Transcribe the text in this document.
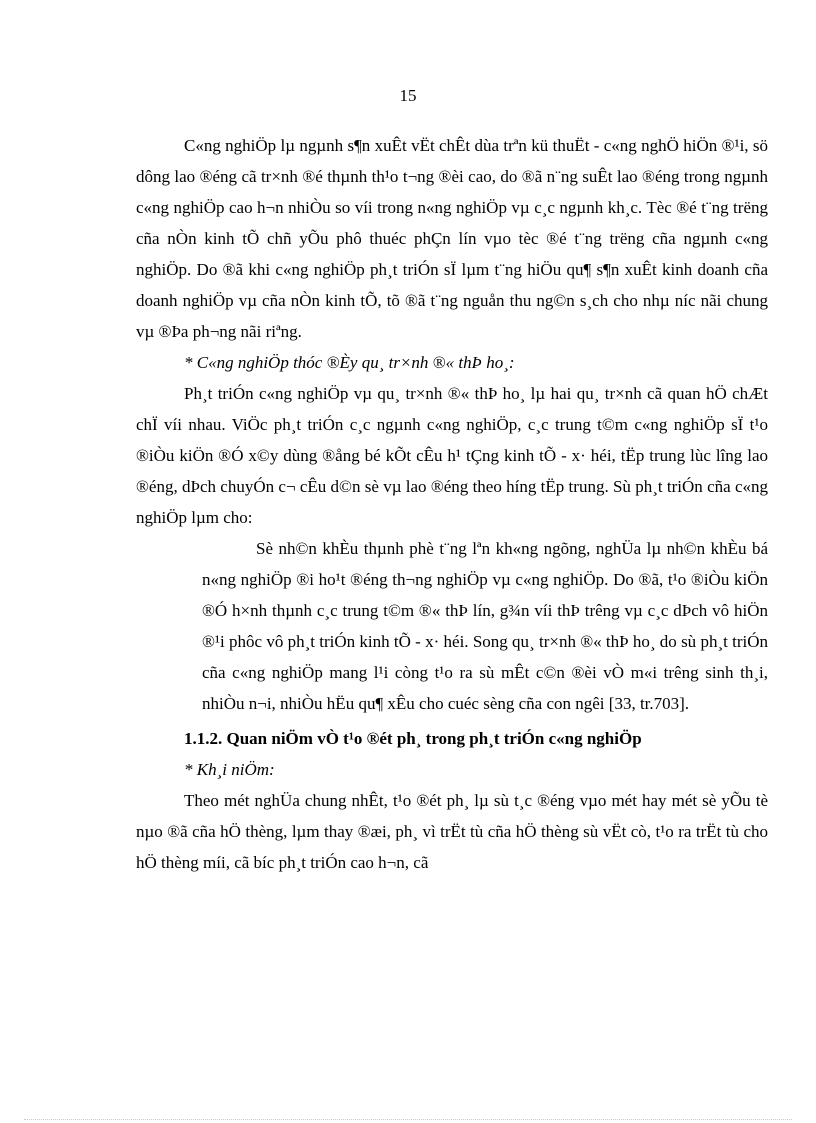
15

C«ng nghiÖp lµ ngµnh s¶n xuÊt vËt chÊt dùa trªn kü thuËt - c«ng nghÖ hiÖn ®¹i, sö dông lao ®éng cã tr×nh ®é thµnh th¹o t¬ng ®èi cao, do ®ã n¨ng suÊt lao ®éng trong ngµnh c«ng nghiÖp cao h¬n nhiÒu so víi trong n«ng nghiÖp vµ c¸c ngµnh kh¸c. Tèc ®é t¨ng trëng cña nÒn kinh tÕ chñ yÕu phô thuéc phÇn lín vµo tèc ®é t¨ng trëng cña ngµnh c«ng nghiÖp. Do ®ã khi c«ng nghiÖp ph¸t triÓn sÏ lµm t¨ng hiÖu qu¶ s¶n xuÊt kinh doanh cña doanh nghiÖp vµ cña nÒn kinh tÕ, tõ ®ã t¨ng nguån thu ng©n s¸ch cho nhµ níc nãi chung vµ ®Þa ph¬ng nãi riªng.

* C«ng nghiÖp thóc ®Èy qu¸ tr×nh ®« thÞ ho¸:

Ph¸t triÓn c«ng nghiÖp vµ qu¸ tr×nh ®« thÞ ho¸ lµ hai qu¸ tr×nh cã quan hÖ chÆt chÏ víi nhau. ViÖc ph¸t triÓn c¸c ngµnh c«ng nghiÖp, c¸c trung t©m c«ng nghiÖp sÏ t¹o ®iÒu kiÖn ®Ó x©y dùng ®ång bé kÕt cÊu h¹ tÇng kinh tÕ - x· héi, tËp trung lùc lîng lao ®éng, dÞch chuyÓn c¬ cÊu d©n sè vµ lao ®éng theo híng tËp trung. Sù ph¸t triÓn cña c«ng nghiÖp lµm cho:

Sè nh©n khÈu thµnh phè t¨ng lªn kh«ng ngõng, nghÜa lµ nh©n khÈu bá n«ng nghiÖp ®i ho¹t ®éng th¬ng nghiÖp vµ c«ng nghiÖp. Do ®ã, t¹o ®iÒu kiÖn ®Ó h×nh thµnh c¸c trung t©m ®« thÞ lín, g¾n víi thÞ trêng vµ c¸c dÞch vô hiÖn ®¹i phôc vô ph¸t triÓn kinh tÕ - x· héi. Song qu¸ tr×nh ®« thÞ ho¸ do sù ph¸t triÓn cña c«ng nghiÖp mang l¹i còng t¹o ra sù mÊt c©n ®èi vÒ m«i trêng sinh th¸i, nhiÒu n¬i, nhiÒu hËu qu¶ xÊu cho cuéc sèng cña con ngêi [33, tr.703].

1.1.2. Quan niÖm vÒ t¹o ®ét ph¸ trong ph¸t triÓn c«ng nghiÖp

* Kh¸i niÖm:

Theo mét nghÜa chung nhÊt, t¹o ®ét ph¸ lµ sù t¸c ®éng vµo mét hay mét sè yÕu tè nµo ®ã cña hÖ thèng, lµm thay ®æi, ph¸ vì trËt tù cña hÖ thèng sù vËt cò, t¹o ra trËt tù cho hÖ thèng míi, cã bíc ph¸t triÓn cao h¬n, cã
